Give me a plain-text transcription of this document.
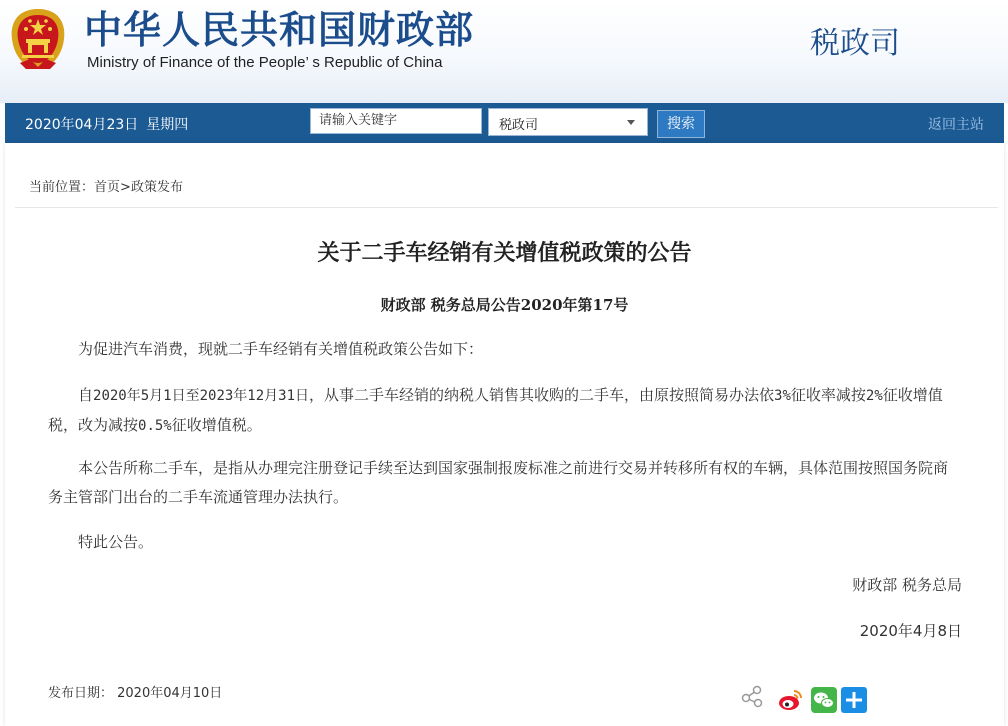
中华人民共和国财政部
Ministry of Finance of the People’ s Republic of China
税政司
2020年04月23日 星期四
请输入关键字	税政司	搜索	返回主站
当前位置：首页>政策发布
关于二手车经销有关增值税政策的公告
财政部 税务总局公告2020年第17号

为促进汽车消费，现就二手车经销有关增值税政策公告如下：

自2020年5月1日至2023年12月31日，从事二手车经销的纳税人销售其收购的二手车，由原按照简易办法依3%征收率减按2%征收增值税，改为减按0.5%征收增值税。

本公告所称二手车，是指从办理完注册登记手续至达到国家强制报废标准之前进行交易并转移所有权的车辆，具体范围按照国务院商务主管部门出台的二手车流通管理办法执行。

特此公告。

财政部 税务总局
2020年4月8日
发布日期： 2020年04月10日
